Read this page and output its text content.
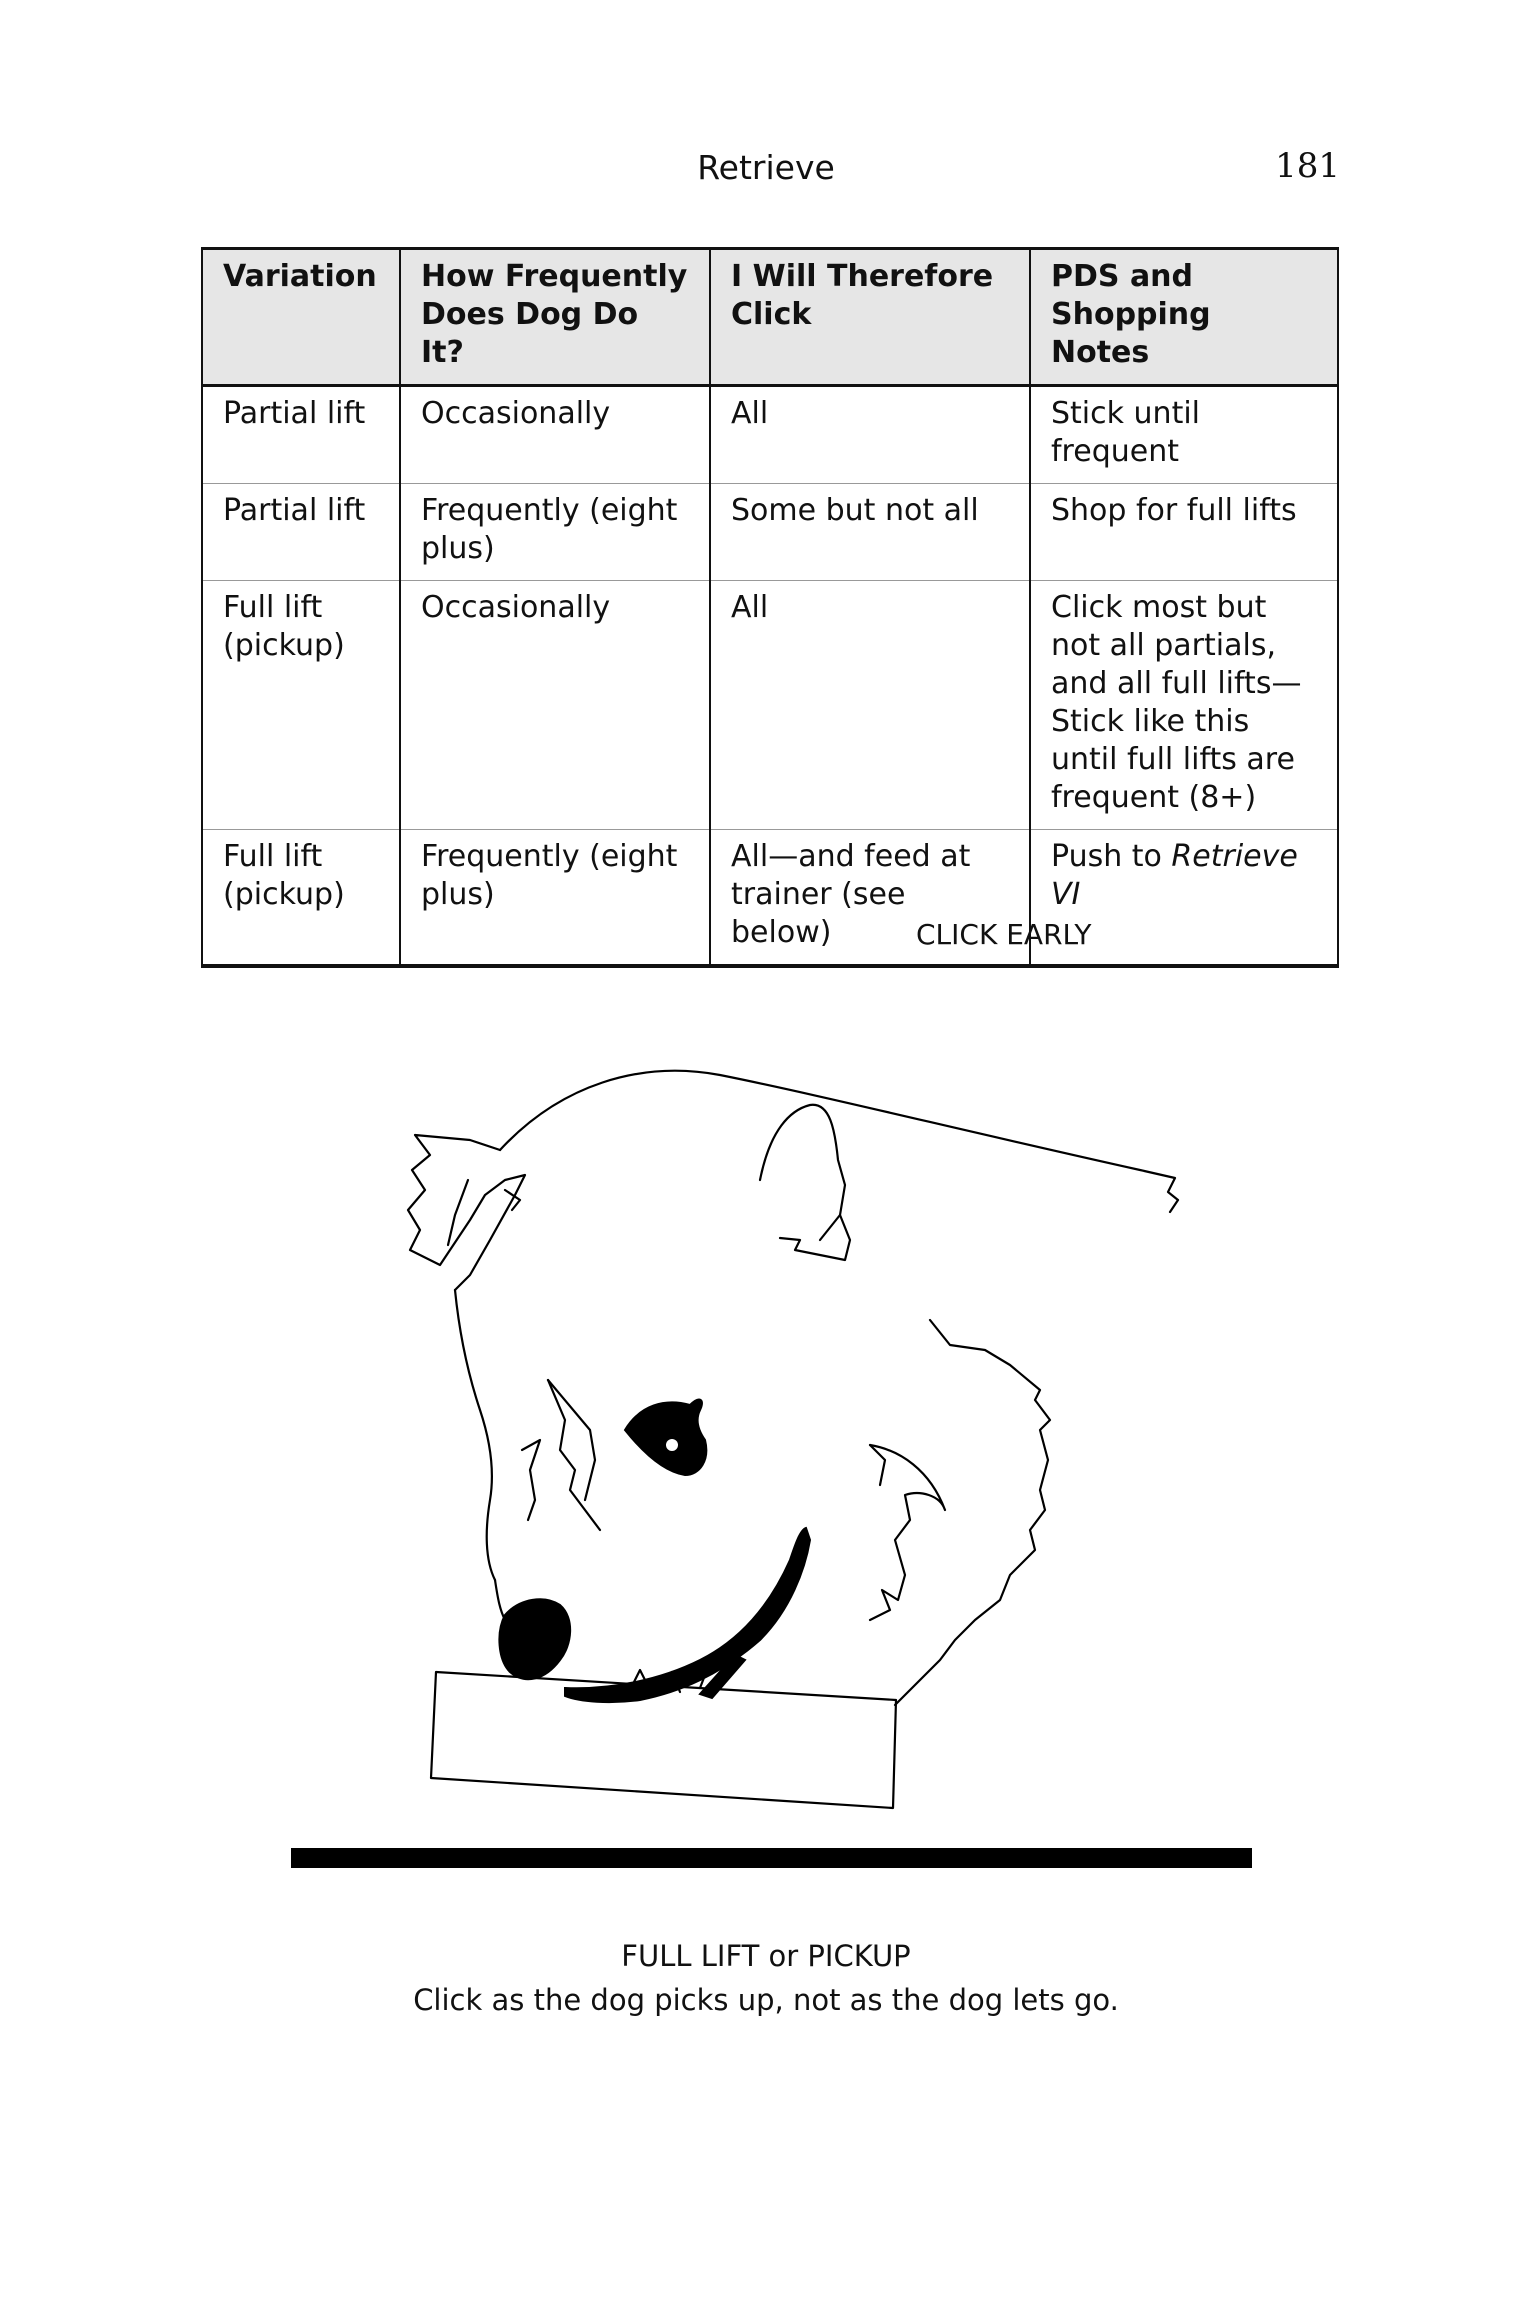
Retrieve	181
Variation	How Frequently Does Dog Do It?	I Will Therefore Click	PDS and Shopping Notes
Partial lift	Occasionally	All	Stick until frequent
Partial lift	Frequently (eight plus)	Some but not all	Shop for full lifts
Full lift (pickup)	Occasionally	All	Click most but not all partials, and all full lifts—Stick like this until full lifts are frequent (8+)
Full lift (pickup)	Frequently (eight plus)	All—and feed at trainer (see below)	Push to Retrieve VI
CLICK EARLY
FULL LIFT or PICKUP
Click as the dog picks up, not as the dog lets go.
